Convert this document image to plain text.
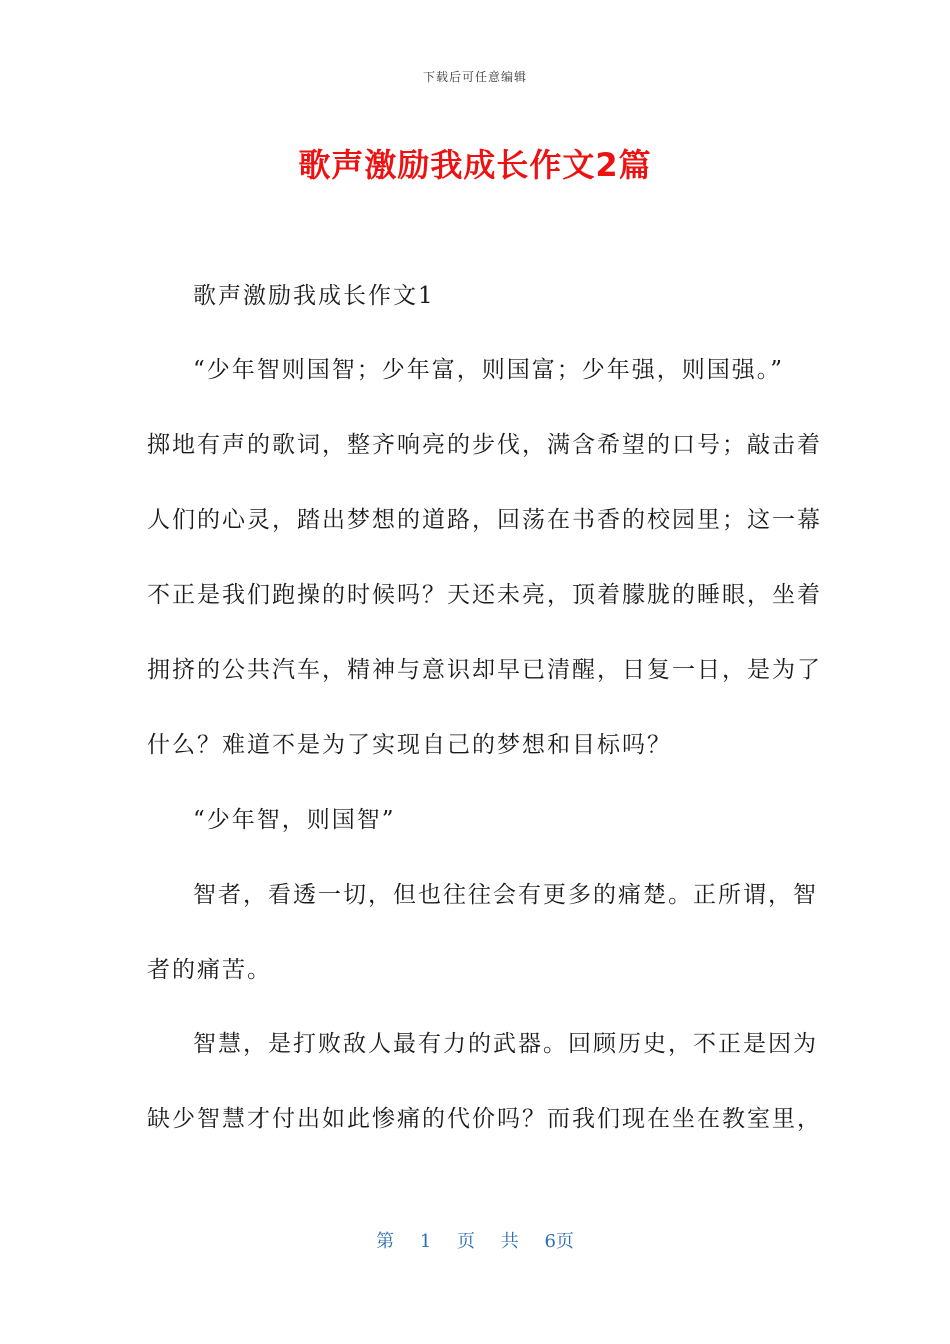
下载后可任意编辑
歌声激励我成长作文2篇
歌声激励我成长作文1
“少年智则国智；少年富，则国富；少年强，则国强。”
掷地有声的歌词，整齐响亮的步伐，满含希望的口号；敲击着
人们的心灵，踏出梦想的道路，回荡在书香的校园里；这一幕
不正是我们跑操的时候吗？天还未亮，顶着朦胧的睡眼，坐着
拥挤的公共汽车，精神与意识却早已清醒，日复一日，是为了
什么？难道不是为了实现自己的梦想和目标吗？
“少年智，则国智”
智者，看透一切，但也往往会有更多的痛楚。正所谓，智
者的痛苦。
智慧，是打败敌人最有力的武器。回顾历史，不正是因为
缺少智慧才付出如此惨痛的代价吗？而我们现在坐在教室里，
第 1 页 共 6页
